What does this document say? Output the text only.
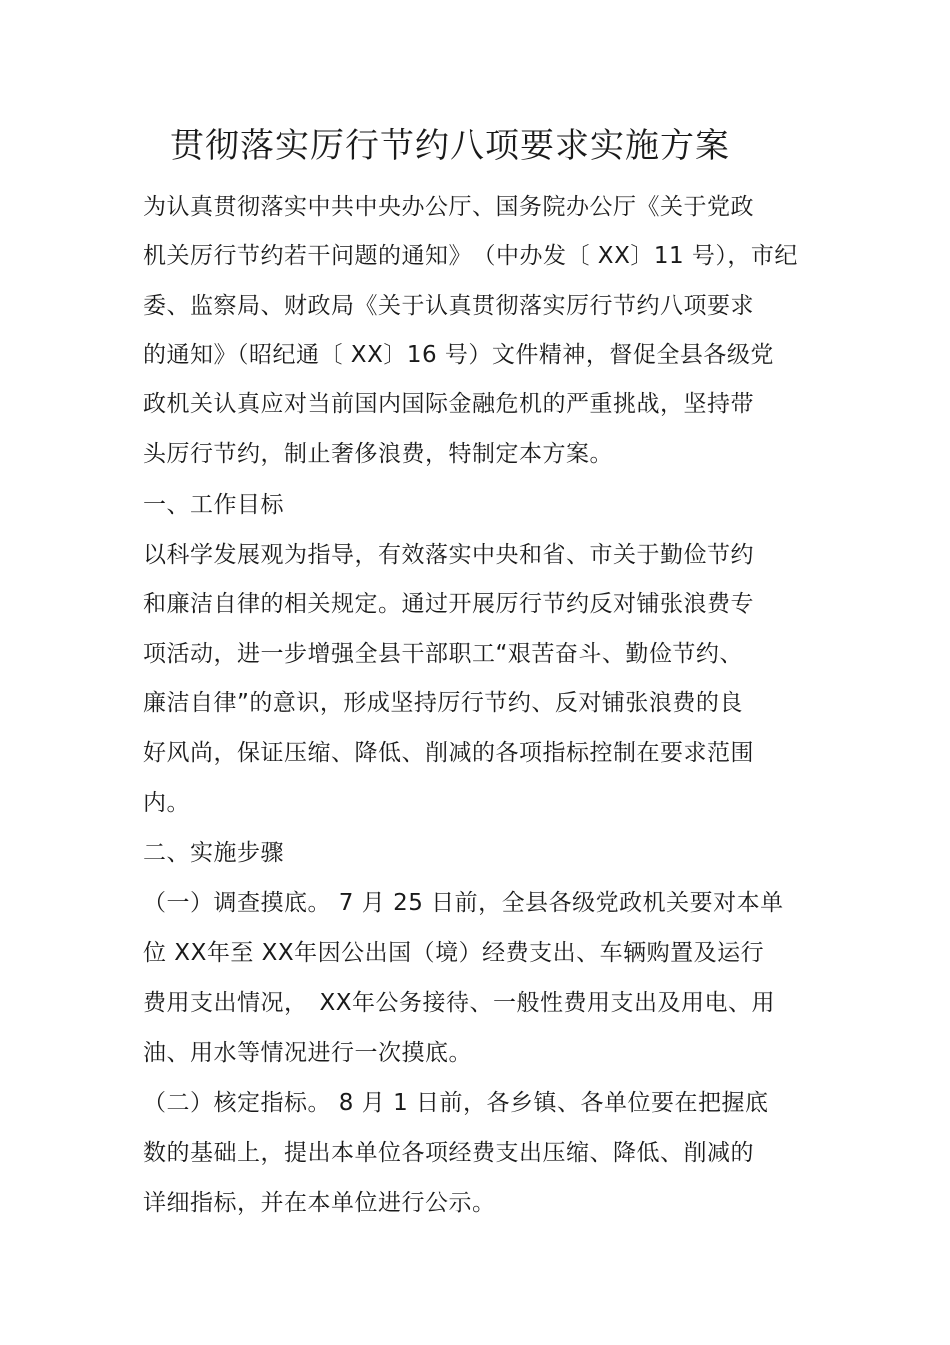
贯彻落实厉行节约八项要求实施方案
为认真贯彻落实中共中央办公厅、国务院办公厅《关于党政
机关厉行节约若干问题的通知》　（中办发〔 XX〕11 号），市纪
委、监察局、财政局《关于认真贯彻落实厉行节约八项要求
的通知》（昭纪通〔 XX〕16 号）文件精神，督促全县各级党
政机关认真应对当前国内国际金融危机的严重挑战，坚持带
头厉行节约，制止奢侈浪费，特制定本方案。
一、工作目标
以科学发展观为指导，有效落实中央和省、市关于勤俭节约
和廉洁自律的相关规定。通过开展厉行节约反对铺张浪费专
项活动，进一步增强全县干部职工“艰苦奋斗、勤俭节约、
廉洁自律”的意识，形成坚持厉行节约、反对铺张浪费的良
好风尚，保证压缩、降低、削减的各项指标控制在要求范围
内。
二、实施步骤
（一）调查摸底。 7 月 25 日前，全县各级党政机关要对本单
位 XX年至 XX年因公出国（境）经费支出、车辆购置及运行
费用支出情况，　XX年公务接待、一般性费用支出及用电、用
油、用水等情况进行一次摸底。
（二）核定指标。 8 月 1 日前，各乡镇、各单位要在把握底
数的基础上，提出本单位各项经费支出压缩、降低、削减的
详细指标，并在本单位进行公示。
